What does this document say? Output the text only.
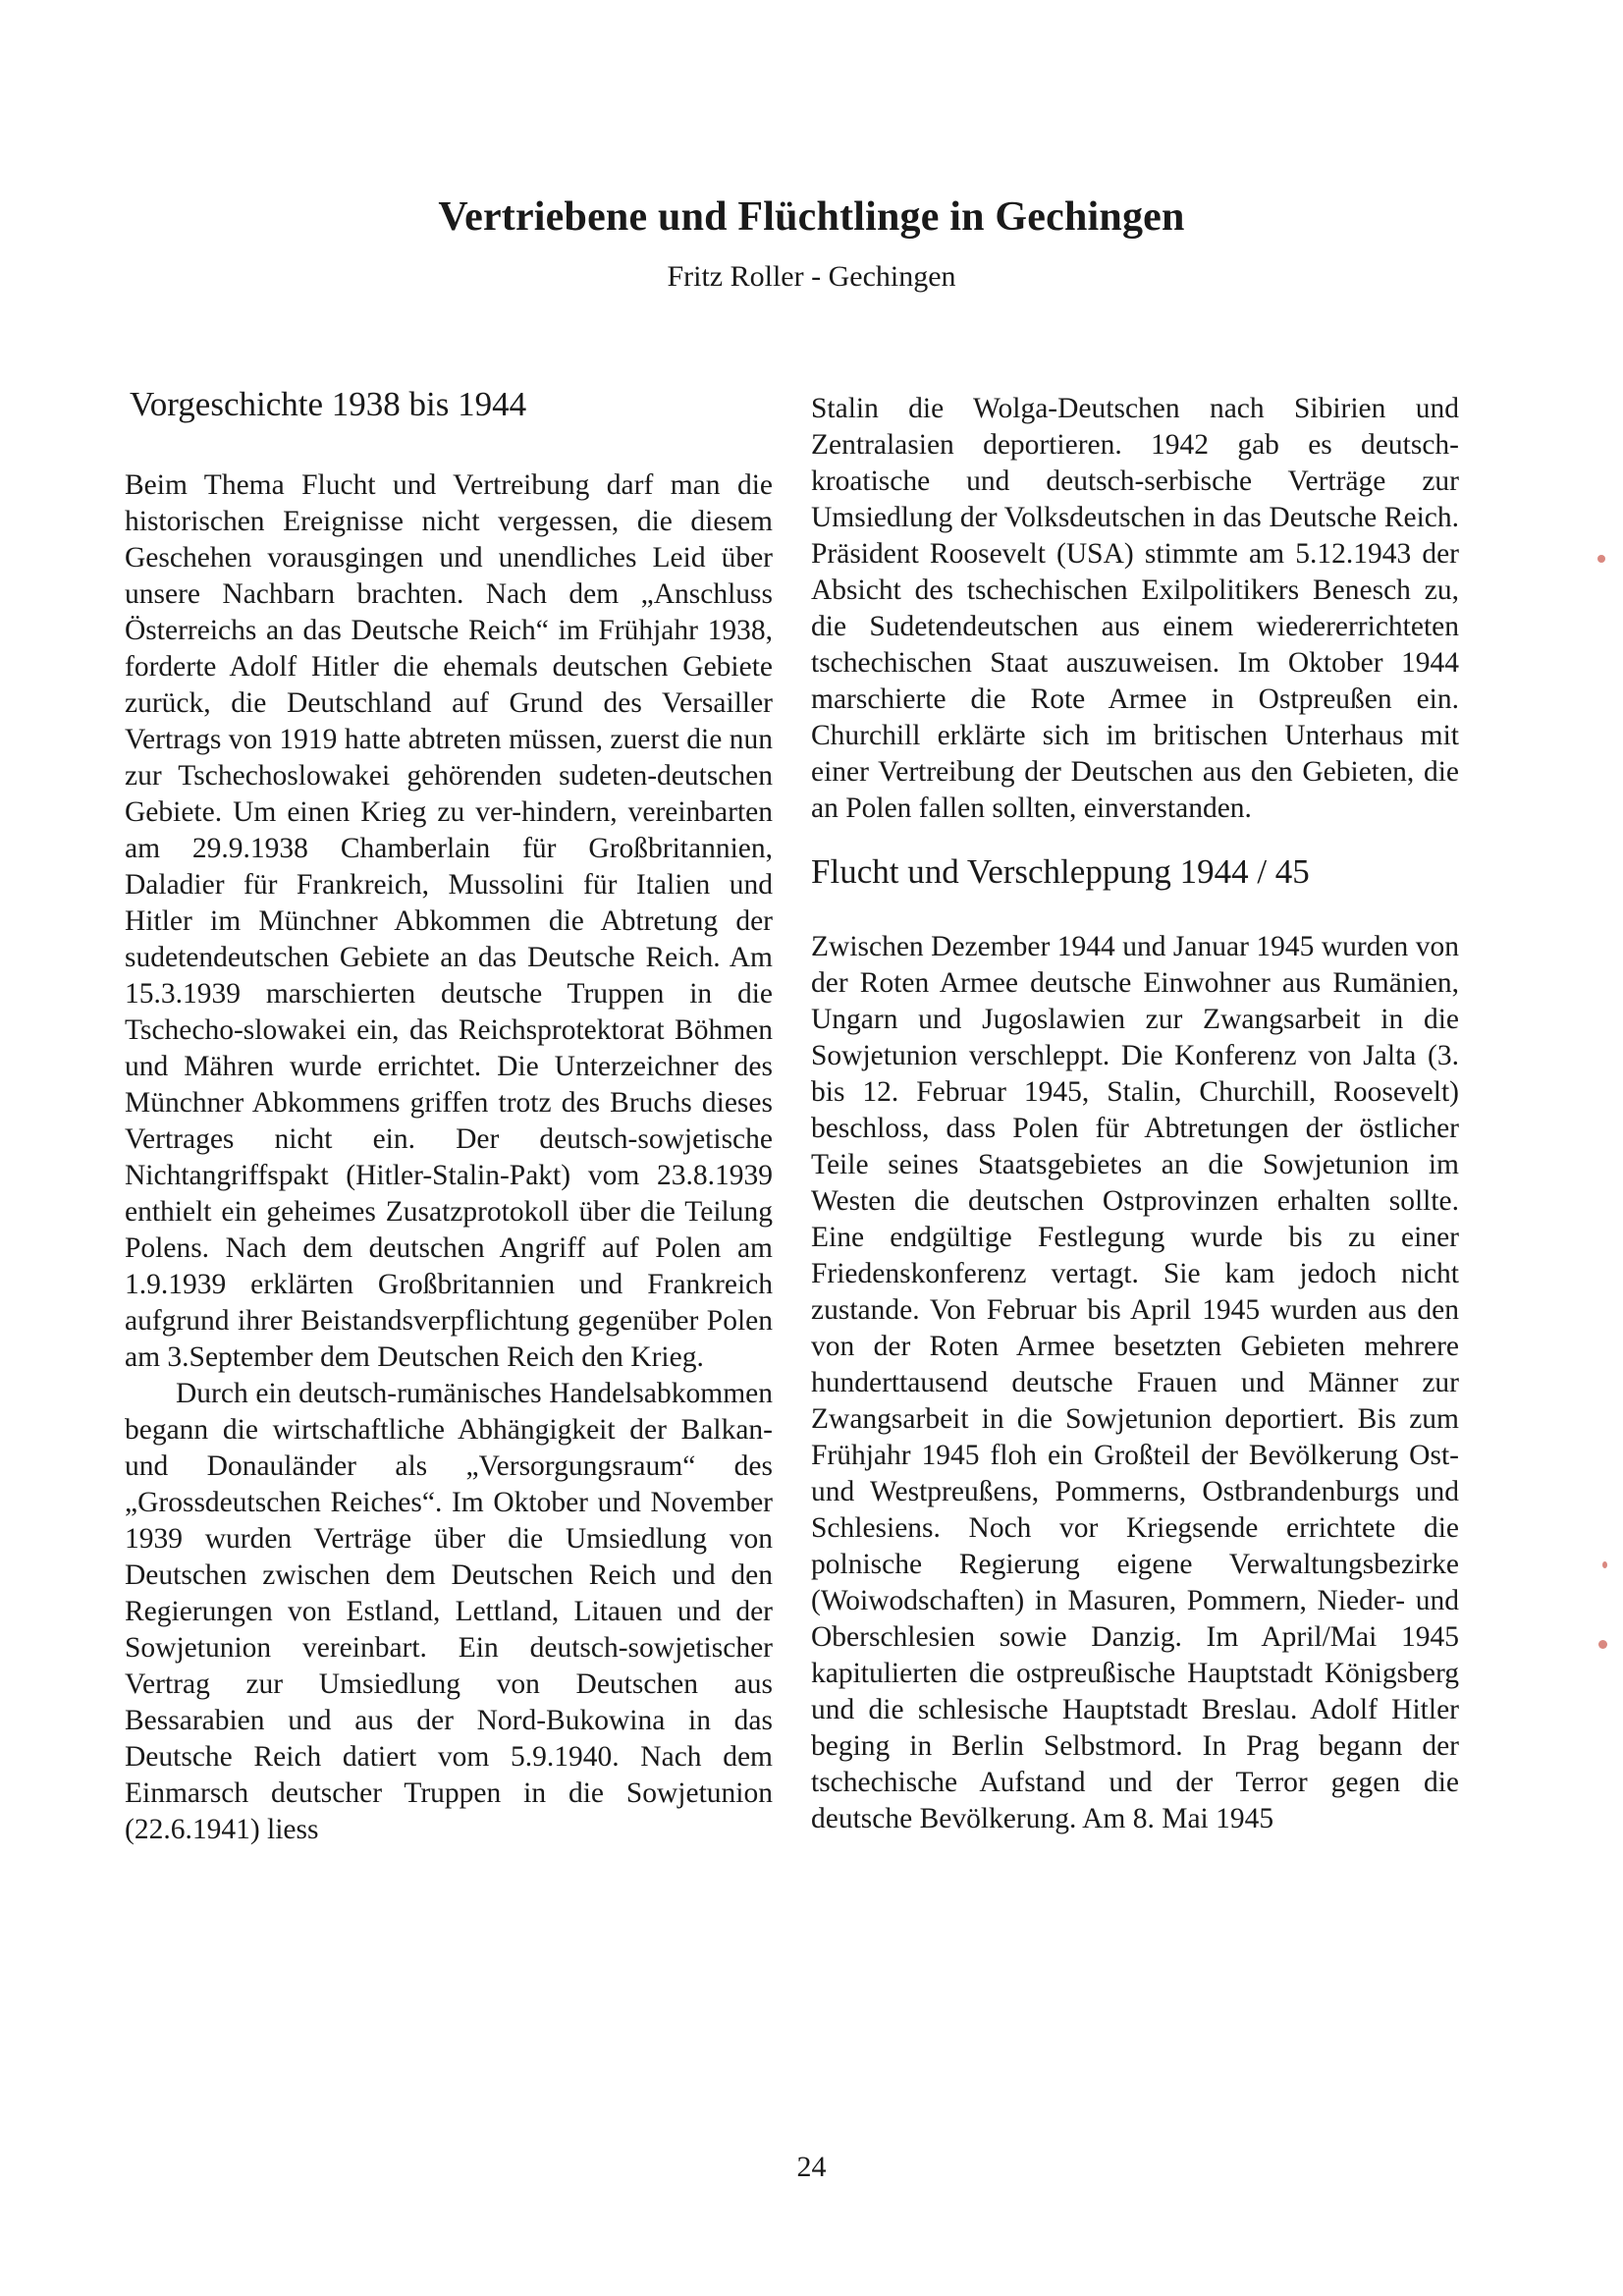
Vertriebene und Flüchtlinge in Gechingen
Fritz Roller - Gechingen
Vorgeschichte 1938 bis 1944

Beim Thema Flucht und Vertreibung darf man die historischen Ereignisse nicht vergessen, die diesem Geschehen vorausgingen und unendliches Leid über unsere Nachbarn brachten. Nach dem „Anschluss Österreichs an das Deutsche Reich“ im Frühjahr 1938, forderte Adolf Hitler die ehemals deutschen Gebiete zurück, die Deutschland auf Grund des Versailler Vertrags von 1919 hatte abtreten müssen, zuerst die nun zur Tschechoslowakei gehörenden sudeten-deutschen Gebiete. Um einen Krieg zu ver-hindern, vereinbarten am 29.9.1938 Chamberlain für Großbritannien, Daladier für Frankreich, Mussolini für Italien und Hitler im Münchner Abkommen die Abtretung der sudetendeutschen Gebiete an das Deutsche Reich. Am 15.3.1939 marschierten deutsche Truppen in die Tschecho-slowakei ein, das Reichsprotektorat Böhmen und Mähren wurde errichtet. Die Unterzeichner des Münchner Abkommens griffen trotz des Bruchs dieses Vertrages nicht ein. Der deutsch-sowjetische Nichtangriffspakt (Hitler-Stalin-Pakt) vom 23.8.1939 enthielt ein geheimes Zusatzprotokoll über die Teilung Polens. Nach dem deutschen Angriff auf Polen am 1.9.1939 erklärten Großbritannien und Frankreich aufgrund ihrer Beistandsverpflichtung gegenüber Polen am 3.September dem Deutschen Reich den Krieg.

Durch ein deutsch-rumänisches Handelsabkommen begann die wirtschaftliche Abhängigkeit der Balkan- und Donauländer als „Versorgungsraum“ des „Grossdeutschen Reiches“. Im Oktober und November 1939 wurden Verträge über die Umsiedlung von Deutschen zwischen dem Deutschen Reich und den Regierungen von Estland, Lettland, Litauen und der Sowjetunion vereinbart. Ein deutsch-sowjetischer Vertrag zur Umsiedlung von Deutschen aus Bessarabien und aus der Nord-Bukowina in das Deutsche Reich datiert vom 5.9.1940. Nach dem Einmarsch deutscher Truppen in die Sowjetunion (22.6.1941) liess

Stalin die Wolga-Deutschen nach Sibirien und Zentralasien deportieren. 1942 gab es deutsch-kroatische und deutsch-serbische Verträge zur Umsiedlung der Volksdeutschen in das Deutsche Reich. Präsident Roosevelt (USA) stimmte am 5.12.1943 der Absicht des tschechischen Exilpolitikers Benesch zu, die Sudetendeutschen aus einem wiedererrichteten tschechischen Staat auszuweisen. Im Oktober 1944 marschierte die Rote Armee in Ostpreußen ein. Churchill erklärte sich im britischen Unterhaus mit einer Vertreibung der Deutschen aus den Gebieten, die an Polen fallen sollten, einverstanden.

Flucht und Verschleppung 1944 / 45

Zwischen Dezember 1944 und Januar 1945 wurden von der Roten Armee deutsche Einwohner aus Rumänien, Ungarn und Jugoslawien zur Zwangsarbeit in die Sowjetunion verschleppt. Die Konferenz von Jalta (3. bis 12. Februar 1945, Stalin, Churchill, Roosevelt) beschloss, dass Polen für Abtretungen der östlicher Teile seines Staatsgebietes an die Sowjetunion im Westen die deutschen Ostprovinzen erhalten sollte. Eine endgültige Festlegung wurde bis zu einer Friedenskonferenz vertagt. Sie kam jedoch nicht zustande. Von Februar bis April 1945 wurden aus den von der Roten Armee besetzten Gebieten mehrere hunderttausend deutsche Frauen und Männer zur Zwangsarbeit in die Sowjetunion deportiert. Bis zum Frühjahr 1945 floh ein Großteil der Bevölkerung Ost- und Westpreußens, Pommerns, Ostbrandenburgs und Schlesiens. Noch vor Kriegsende errichtete die polnische Regierung eigene Verwaltungsbezirke (Woiwodschaften) in Masuren, Pommern, Nieder- und Oberschlesien sowie Danzig. Im April/Mai 1945 kapitulierten die ostpreußische Hauptstadt Königsberg und die schlesische Hauptstadt Breslau. Adolf Hitler beging in Berlin Selbstmord. In Prag begann der tschechische Aufstand und der Terror gegen die deutsche Bevölkerung. Am 8. Mai 1945

24
